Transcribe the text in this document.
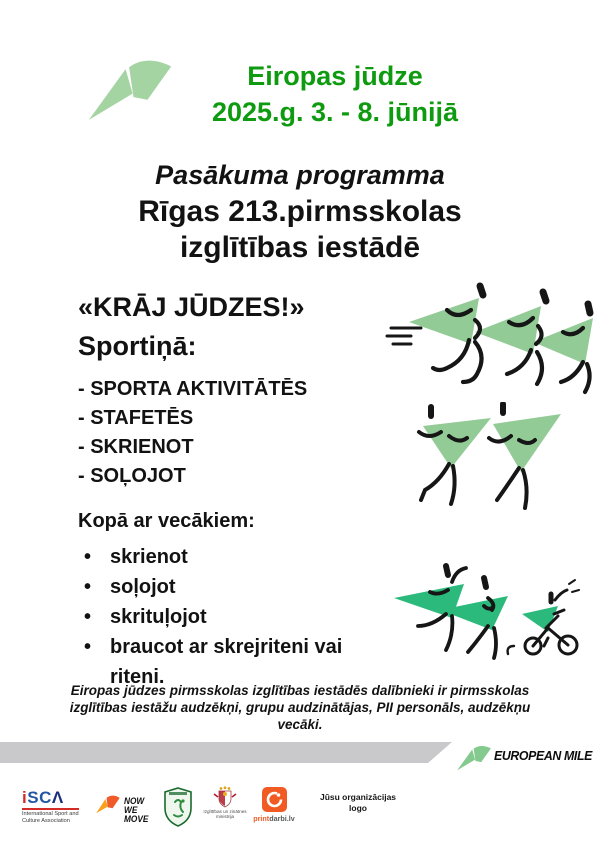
Eiropas jūdze
2025.g. 3. - 8. jūnijā
Pasākuma programma
Rīgas 213.pirmsskolas
izglītības iestādē
«KRĀJ JŪDZES!»
Sportiņā:
- SPORTA AKTIVITĀTĒS
- STAFETĒS
- SKRIENOT
- SOĻOJOT
Kopā ar vecākiem:
• skrienot
• soļojot
• skrituļojot
• braucot ar skrejriteni vai riteni.
Eiropas jūdzes pirmsskolas izglītības iestādēs dalībnieki ir pirmsskolas izglītības iestāžu audzēkņi, grupu audzinātājas, PII personāls, audzēkņu vecāki.
EUROPEAN MILE
iSCΛ
International Sport and
Culture Association
NOW
WE MOVE
Izglītības un zinātnes
ministrija	printdarbi.lv
Jūsu organizācijas
logo
